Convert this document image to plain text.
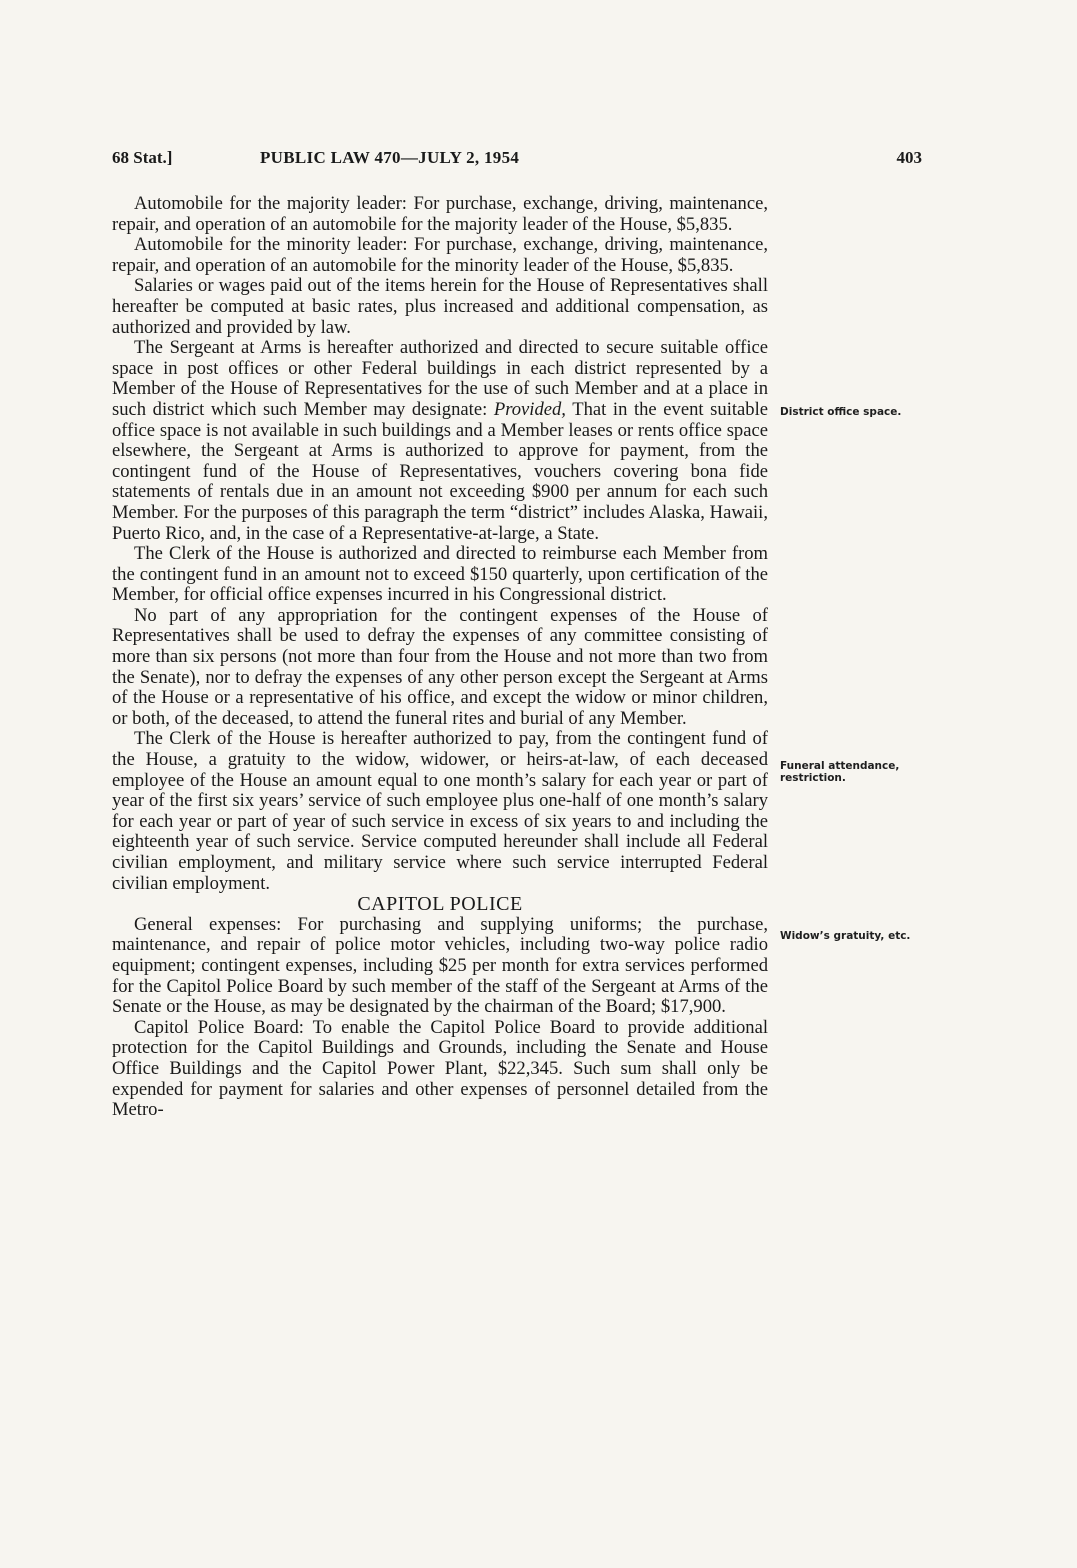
68 Stat.]	PUBLIC LAW 470—JULY 2, 1954	403

Automobile for the majority leader: For purchase, exchange, driving, maintenance, repair, and operation of an automobile for the majority leader of the House, $5,835.

Automobile for the minority leader: For purchase, exchange, driving, maintenance, repair, and operation of an automobile for the minority leader of the House, $5,835.

Salaries or wages paid out of the items herein for the House of Representatives shall hereafter be computed at basic rates, plus increased and additional compensation, as authorized and provided by law.

The Sergeant at Arms is hereafter authorized and directed to secure suitable office space in post offices or other Federal buildings in each district represented by a Member of the House of Representatives for the use of such Member and at a place in such district which such Member may designate: Provided, That in the event suitable office space is not available in such buildings and a Member leases or rents office space elsewhere, the Sergeant at Arms is authorized to approve for payment, from the contingent fund of the House of Representatives, vouchers covering bona fide statements of rentals due in an amount not exceeding $900 per annum for each such Member. For the purposes of this paragraph the term “district” includes Alaska, Hawaii, Puerto Rico, and, in the case of a Representative-at-large, a State.

The Clerk of the House is authorized and directed to reimburse each Member from the contingent fund in an amount not to exceed $150 quarterly, upon certification of the Member, for official office expenses incurred in his Congressional district.

No part of any appropriation for the contingent expenses of the House of Representatives shall be used to defray the expenses of any committee consisting of more than six persons (not more than four from the House and not more than two from the Senate), nor to defray the expenses of any other person except the Sergeant at Arms of the House or a representative of his office, and except the widow or minor children, or both, of the deceased, to attend the funeral rites and burial of any Member.

The Clerk of the House is hereafter authorized to pay, from the contingent fund of the House, a gratuity to the widow, widower, or heirs-at-law, of each deceased employee of the House an amount equal to one month’s salary for each year or part of year of the first six years’ service of such employee plus one-half of one month’s salary for each year or part of year of such service in excess of six years to and including the eighteenth year of such service. Service computed hereunder shall include all Federal civilian employment, and military service where such service interrupted Federal civilian employment.

CAPITOL POLICE

General expenses: For purchasing and supplying uniforms; the purchase, maintenance, and repair of police motor vehicles, including two-way police radio equipment; contingent expenses, including $25 per month for extra services performed for the Capitol Police Board by such member of the staff of the Sergeant at Arms of the Senate or the House, as may be designated by the chairman of the Board; $17,900.

Capitol Police Board: To enable the Capitol Police Board to provide additional protection for the Capitol Buildings and Grounds, including the Senate and House Office Buildings and the Capitol Power Plant, $22,345. Such sum shall only be expended for payment for salaries and other expenses of personnel detailed from the Metro-

District office space.
Funeral attendance, restriction.
Widow’s gratuity, etc.
